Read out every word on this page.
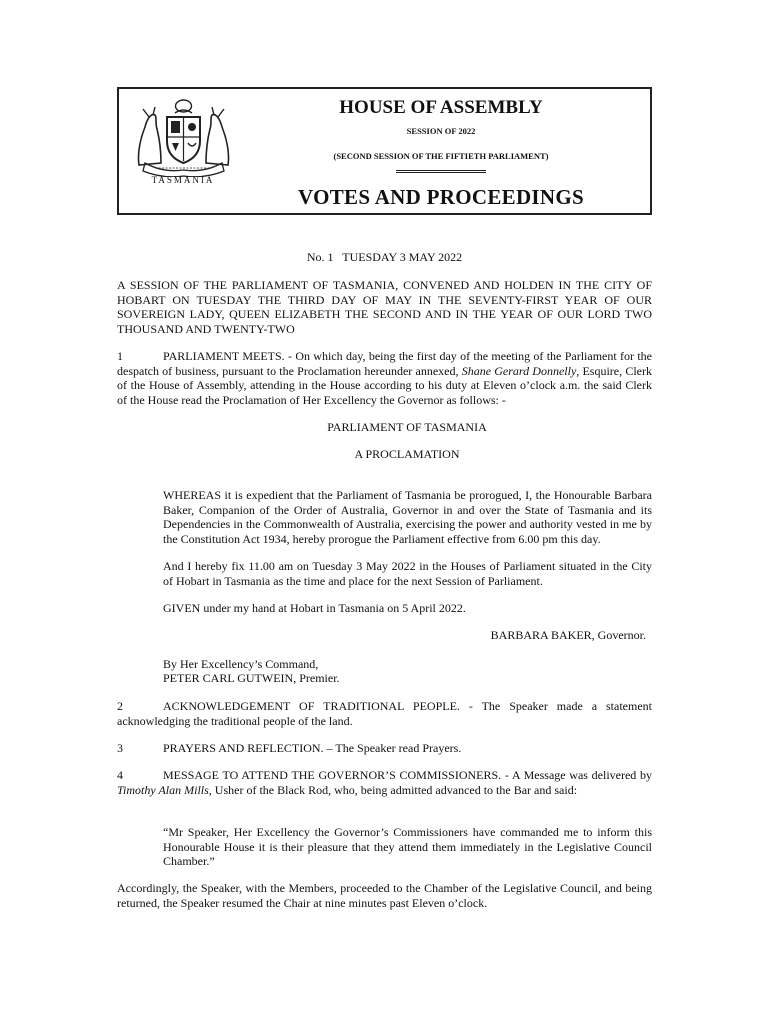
TASMANIA
HOUSE OF ASSEMBLY
SESSION OF 2022
(SECOND SESSION OF THE FIFTIETH PARLIAMENT)
VOTES AND PROCEEDINGS
No. 1   TUESDAY 3 MAY 2022
A SESSION OF THE PARLIAMENT OF TASMANIA, CONVENED AND HOLDEN IN THE CITY OF HOBART ON TUESDAY THE THIRD DAY OF MAY IN THE SEVENTY-FIRST YEAR OF OUR SOVEREIGN LADY, QUEEN ELIZABETH THE SECOND AND IN THE YEAR OF OUR LORD TWO THOUSAND AND TWENTY-TWO
1	PARLIAMENT MEETS. - On which day, being the first day of the meeting of the Parliament for the despatch of business, pursuant to the Proclamation hereunder annexed, Shane Gerard Donnelly, Esquire, Clerk of the House of Assembly, attending in the House according to his duty at Eleven o’clock a.m. the said Clerk of the House read the Proclamation of Her Excellency the Governor as follows: -
PARLIAMENT OF TASMANIA
A PROCLAMATION
WHEREAS it is expedient that the Parliament of Tasmania be prorogued, I, the Honourable Barbara Baker, Companion of the Order of Australia, Governor in and over the State of Tasmania and its Dependencies in the Commonwealth of Australia, exercising the power and authority vested in me by the Constitution Act 1934, hereby prorogue the Parliament effective from 6.00 pm this day.
And I hereby fix 11.00 am on Tuesday 3 May 2022 in the Houses of Parliament situated in the City of Hobart in Tasmania as the time and place for the next Session of Parliament.
GIVEN under my hand at Hobart in Tasmania on 5 April 2022.
BARBARA BAKER, Governor.
By Her Excellency’s Command,
PETER CARL GUTWEIN, Premier.
2	ACKNOWLEDGEMENT OF TRADITIONAL PEOPLE. - The Speaker made a statement acknowledging the traditional people of the land.
3	PRAYERS AND REFLECTION. – The Speaker read Prayers.
4	MESSAGE TO ATTEND THE GOVERNOR’S COMMISSIONERS. - A Message was delivered by Timothy Alan Mills, Usher of the Black Rod, who, being admitted advanced to the Bar and said:
“Mr Speaker, Her Excellency the Governor’s Commissioners have commanded me to inform this Honourable House it is their pleasure that they attend them immediately in the Legislative Council Chamber.”
Accordingly, the Speaker, with the Members, proceeded to the Chamber of the Legislative Council, and being returned, the Speaker resumed the Chair at nine minutes past Eleven o’clock.
